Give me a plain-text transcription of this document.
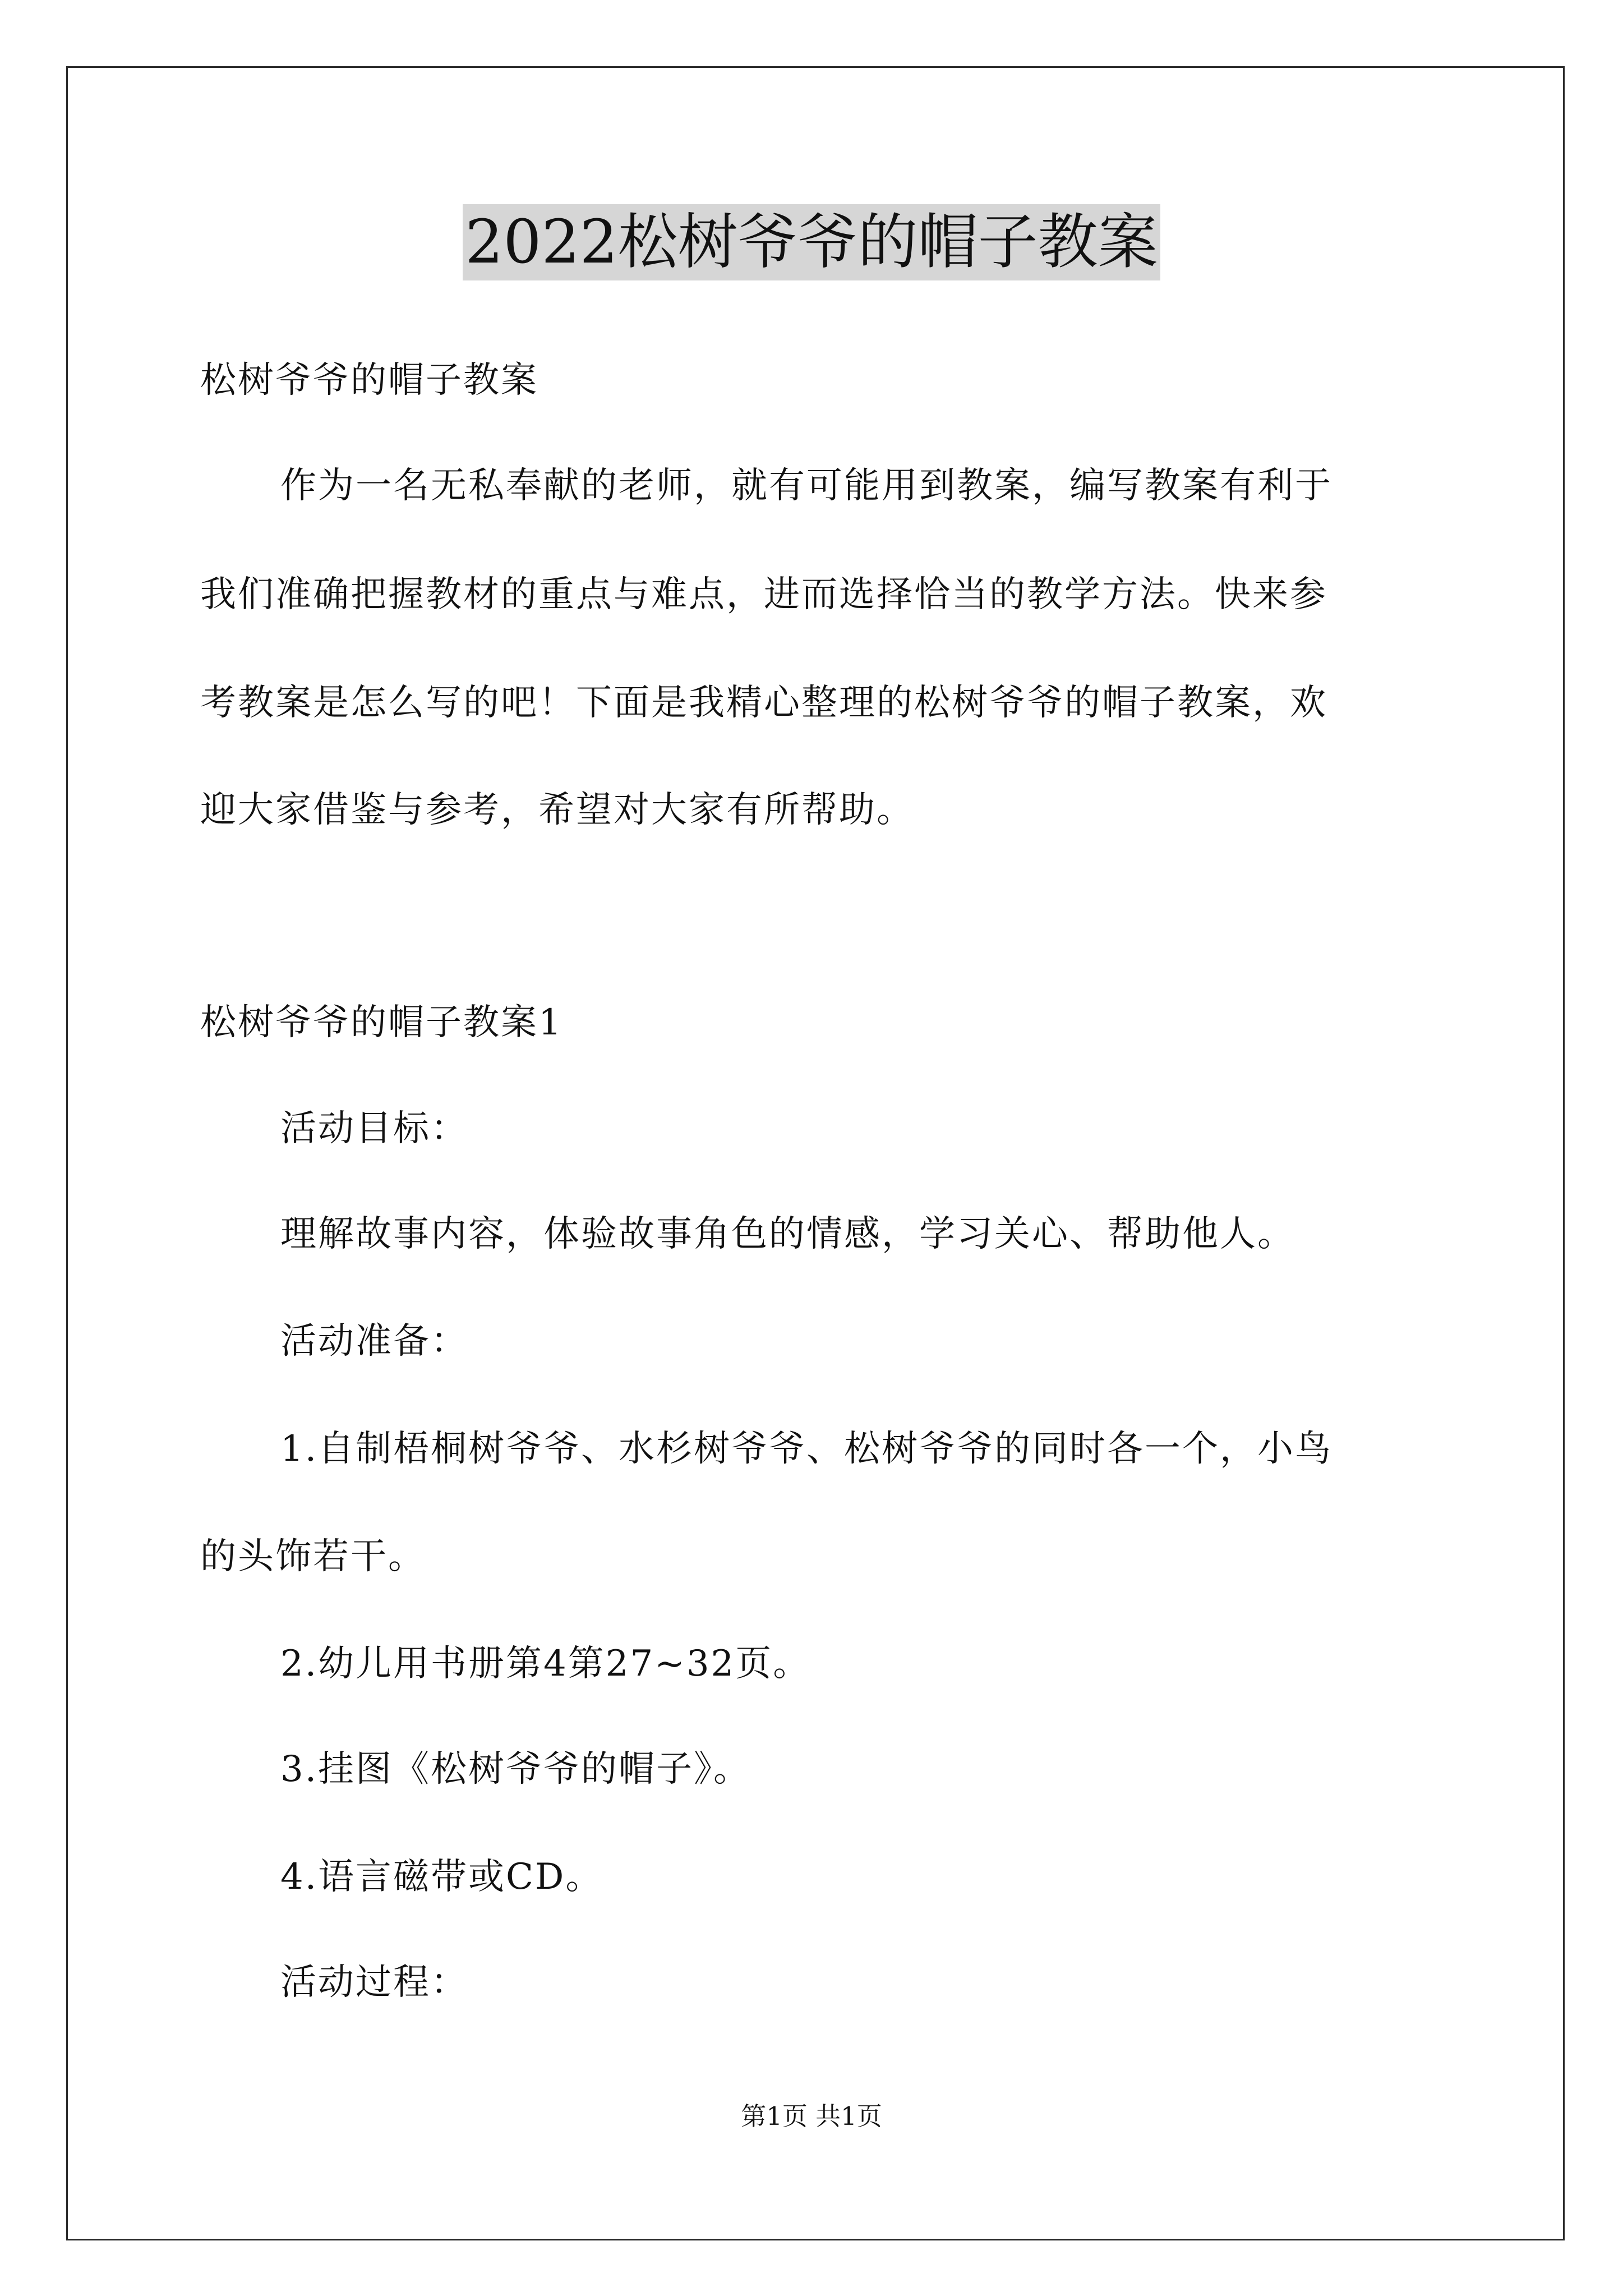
2022松树爷爷的帽子教案

松树爷爷的帽子教案

作为一名无私奉献的老师，就有可能用到教案，编写教案有利于

我们准确把握教材的重点与难点，进而选择恰当的教学方法。快来参

考教案是怎么写的吧！下面是我精心整理的松树爷爷的帽子教案，欢

迎大家借鉴与参考，希望对大家有所帮助。

松树爷爷的帽子教案1

活动目标：

理解故事内容，体验故事角色的情感，学习关心、帮助他人。

活动准备：

1.自制梧桐树爷爷、水杉树爷爷、松树爷爷的同时各一个，小鸟

的头饰若干。

2.幼儿用书册第4第27~32页。

3.挂图《松树爷爷的帽子》。

4.语言磁带或CD。

活动过程：

第1页 共1页
